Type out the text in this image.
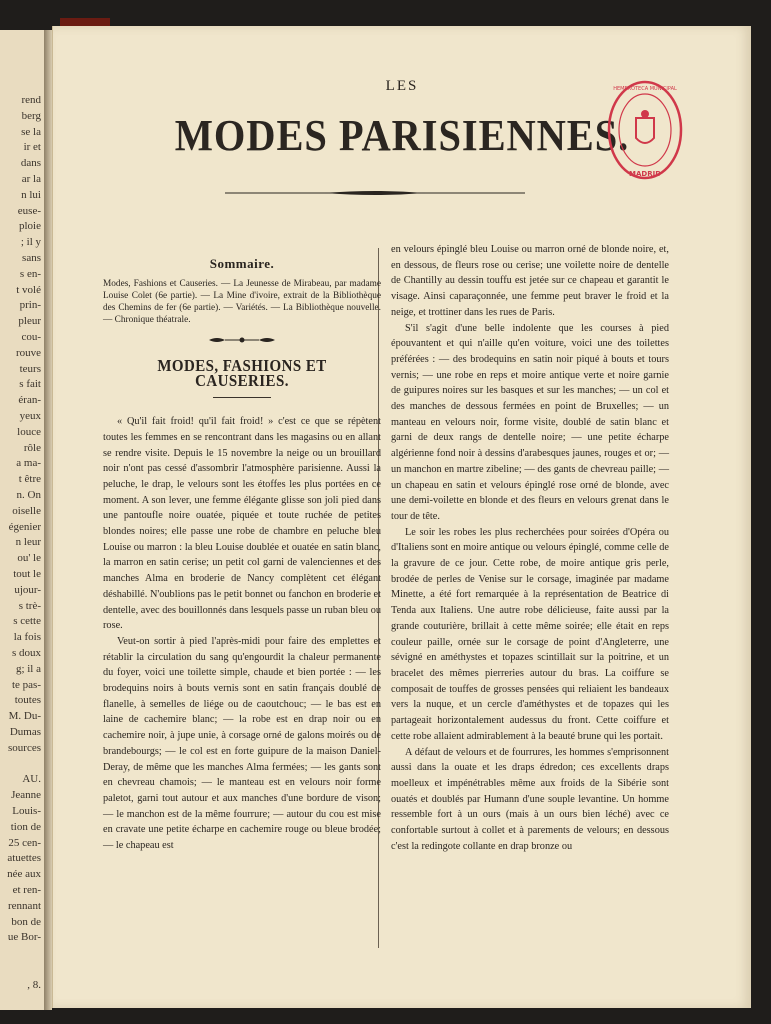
rend
berg
se la
ir et
dans
ar la
n lui
euse-
ploie
; il y
sans
s en-
t volé
prin-
pleur
cou-
rouve
teurs
s fait
éran-
yeux
louce
rôle
a ma-
t être
n. On
oiselle
égenier
n leur
ou' le
tout le
ujour-
s trè-
s cette
la fois
s doux
g; il a
te pas-
toutes
M. Du-
Dumas
sources
AU.
Jeanne
Louis-
tion de
25 cen-
atuettes
née aux
et ren-
rennant
bon de
ue Bor-
, 8.
LES
MODES PARISIENNES.
MADRID
HEMEROTECA MUNICIPAL
Sommaire.

Modes, Fashions et Causeries. — La Jeunesse de Mirabeau, par madame Louise Colet (6e partie). — La Mine d'ivoire, extrait de la Bibliothèque des Chemins de fer (6e partie). — Variétés. — La Bibliothèque nouvelle. — Chronique théatrale.

MODES, FASHIONS ET CAUSERIES.

« Qu'il fait froid! qu'il fait froid! » c'est ce que se répètent toutes les femmes en se rencontrant dans les magasins ou en allant se rendre visite. Depuis le 15 novembre la neige ou un brouillard noir n'ont pas cessé d'assombrir l'atmosphère parisienne. Aussi la peluche, le drap, le velours sont les étoffes les plus portées en ce moment. A son lever, une femme élégante glisse son joli pied dans une pantoufle noire ouatée, piquée et toute ruchée de petites blondes noires; elle passe une robe de chambre en peluche bleu Louise ou marron : la bleu Louise doublée et ouatée en satin blanc, la marron en satin cerise; un petit col garni de valenciennes et des manches Alma en broderie de Nancy complètent cet élégant déshabillé. N'oublions pas le petit bonnet ou fanchon en broderie et dentelle, avec des bouillonnés dans lesquels passe un ruban bleu ou rose.

Veut-on sortir à pied l'après-midi pour faire des emplettes et rétablir la circulation du sang qu'engourdit la chaleur permanente du foyer, voici une toilette simple, chaude et bien portée : — les brodequins noirs à bouts vernis sont en satin français doublé de flanelle, à semelles de liége ou de caoutchouc; — le bas est en laine de cachemire blanc; — la robe est en drap noir ou en cachemire noir, à jupe unie, à corsage orné de galons moirés ou de brandebourgs; — le col est en forte guipure de la maison Daniel-Deray, de même que les manches Alma fermées; — les gants sont en chevreau chamois; — le manteau est en velours noir forme paletot, garni tout autour et aux manches d'une bordure de vison; — le manchon est de la même fourrure; — autour du cou est mise en cravate une petite écharpe en cachemire rouge ou bleue brodée; — le chapeau est

en velours épinglé bleu Louise ou marron orné de blonde noire, et, en dessous, de fleurs rose ou cerise; une voilette noire de dentelle de Chantilly au dessin touffu est jetée sur ce chapeau et garantit le visage. Ainsi caparaçonnée, une femme peut braver le froid et la neige, et trottiner dans les rues de Paris.

S'il s'agit d'une belle indolente que les courses à pied épouvantent et qui n'aille qu'en voiture, voici une des toilettes préférées : — des brodequins en satin noir piqué à bouts et tours vernis; — une robe en reps et moire antique verte et noire garnie de guipures noires sur les basques et sur les manches; — un col et des manches de dessous fermées en point de Bruxelles; — un manteau en velours noir, forme visite, doublé de satin blanc et garni de deux rangs de dentelle noire; — une petite écharpe algérienne fond noir à dessins d'arabesques jaunes, rouges et or; — un manchon en martre zibeline; — des gants de chevreau paille; — un chapeau en satin et velours épinglé rose orné de blonde, avec une demi-voilette en blonde et des fleurs en velours grenat dans le tour de tête.

Le soir les robes les plus recherchées pour soirées d'Opéra ou d'Italiens sont en moire antique ou velours épinglé, comme celle de la gravure de ce jour. Cette robe, de moire antique gris perle, brodée de perles de Venise sur le corsage, imaginée par madame Minette, a été fort remarquée à la représentation de Beatrice di Tenda aux Italiens. Une autre robe délicieuse, faite aussi par la grande couturière, brillait à cette même soirée; elle était en reps couleur paille, ornée sur le corsage de point d'Angleterre, une sévigné en améthystes et topazes scintillait sur la poitrine, et un bracelet des mêmes pierreries autour du bras. La coiffure se composait de touffes de grosses pensées qui reliaient les bandeaux vers la nuque, et un cercle d'améthystes et de topazes qui les partageait horizontalement audessus du front. Cette coiffure et cette robe allaient admirablement à la beauté brune qui les portait.

A défaut de velours et de fourrures, les hommes s'emprisonnent aussi dans la ouate et les draps édredon; ces excellents draps moelleux et impénétrables même aux froids de la Sibérie sont ouatés et doublés par Humann d'une souple levantine. Un homme ressemble fort à un ours (mais à un ours bien léché) avec ce confortable surtout à collet et à parements de velours; en dessous c'est la redingote collante en drap bronze ou
